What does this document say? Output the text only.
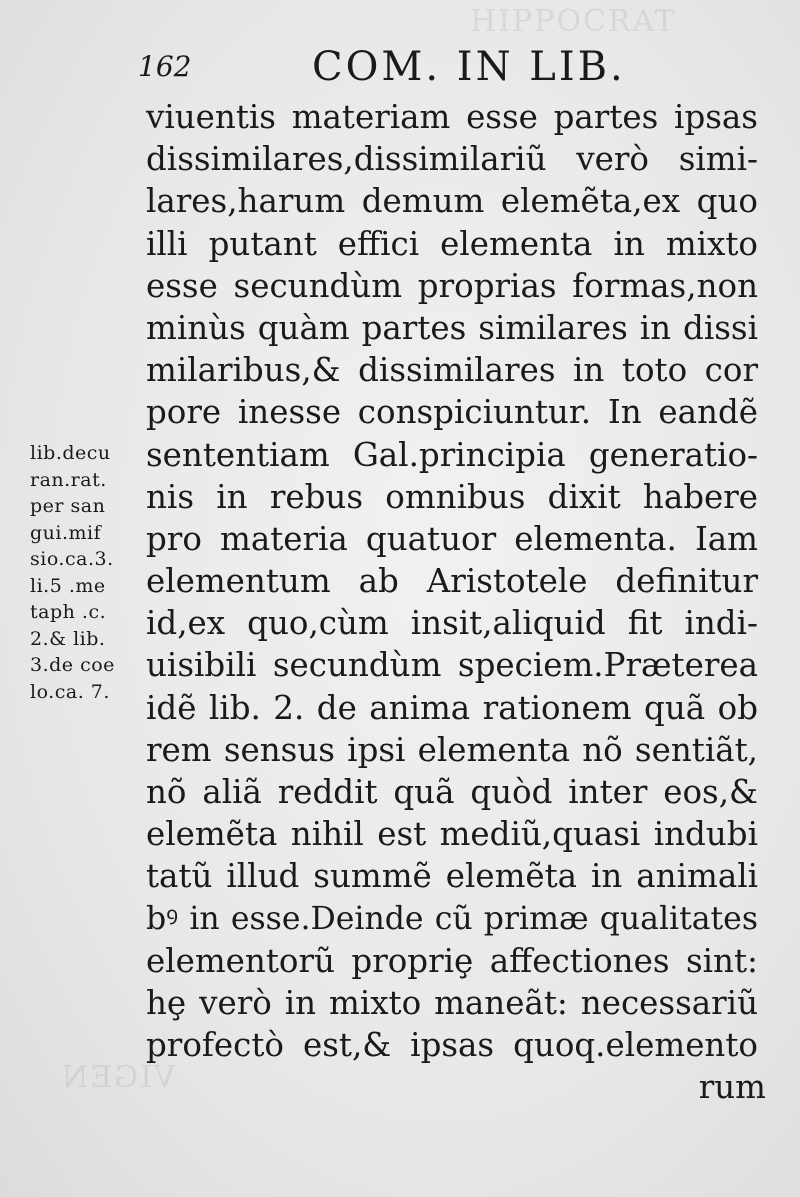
HIPPOCRAT
VIGEN
162	COM. IN LIB.
lib.decu
ran.rat.
per san
gui.mif
sio.ca.3.
li.5 .me
taph .c.
2.& lib.
3.de coe
lo.ca. 7.
viuentis materiam esse partes ipsas
dissimilares,dissimilariũ verò simi-
lares,harum demum elemẽta,ex quo
illi putant effici elementa in mixto
esse secundùm proprias formas,non
minùs quàm partes similares in dissi
milaribus,& dissimilares in toto cor
pore inesse conspiciuntur. In eandẽ
sententiam Gal.principia generatio-
nis in rebus omnibus dixit habere
pro materia quatuor elementa. Iam
elementum ab Aristotele definitur
id,ex quo,cùm insit,aliquid fit indi-
uisibili secundùm speciem.Præterea
idẽ lib. 2. de anima rationem quã ob
rem sensus ipsi elementa nõ sentiãt,
nõ aliã reddit quã quòd inter eos,&
elemẽta nihil est mediũ,quasi indubi
tatũ illud summẽ elemẽta in animali
bꝰ in esse.Deinde cũ primæ qualitates
elementorũ propriȩ affectiones sint:
hȩ verò in mixto maneãt: necessariũ
profectò est,& ipsas quoq.elemento
rum
